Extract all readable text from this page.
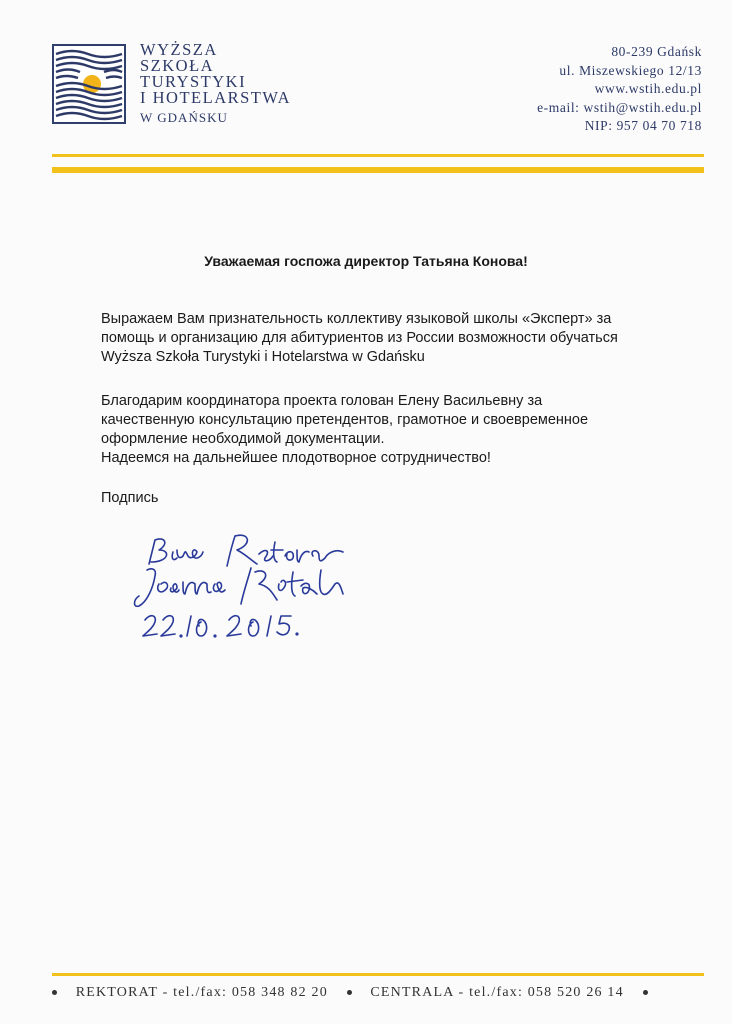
WYŻSZA
SZKOŁA
TURYSTYKI
I HOTELARSTWA
W GDAŃSKU
80-239 Gdańsk
ul. Miszewskiego 12/13
www.wstih.edu.pl
e-mail: wstih@wstih.edu.pl
NIP: 957 04 70 718
Уважаемая госпожа директор Татьяна Конова!
Выражаем Вам признательность коллективу языковой школы «Эксперт» за
помощь и организацию для абитуриентов из России возможности обучаться
Wyższa Szkoła Turystyki i Hotelarstwa w Gdańsku
Благодарим координатора проекта голован Елену Васильевну за
качественную консультацию претендентов, грамотное и своевременное
оформление необходимой документации.
Надеемся на дальнейшее плодотворное сотрудничество!
Подпись
REKTORAT - tel./fax: 058 348 82 20	CENTRALA - tel./fax: 058 520 26 14
